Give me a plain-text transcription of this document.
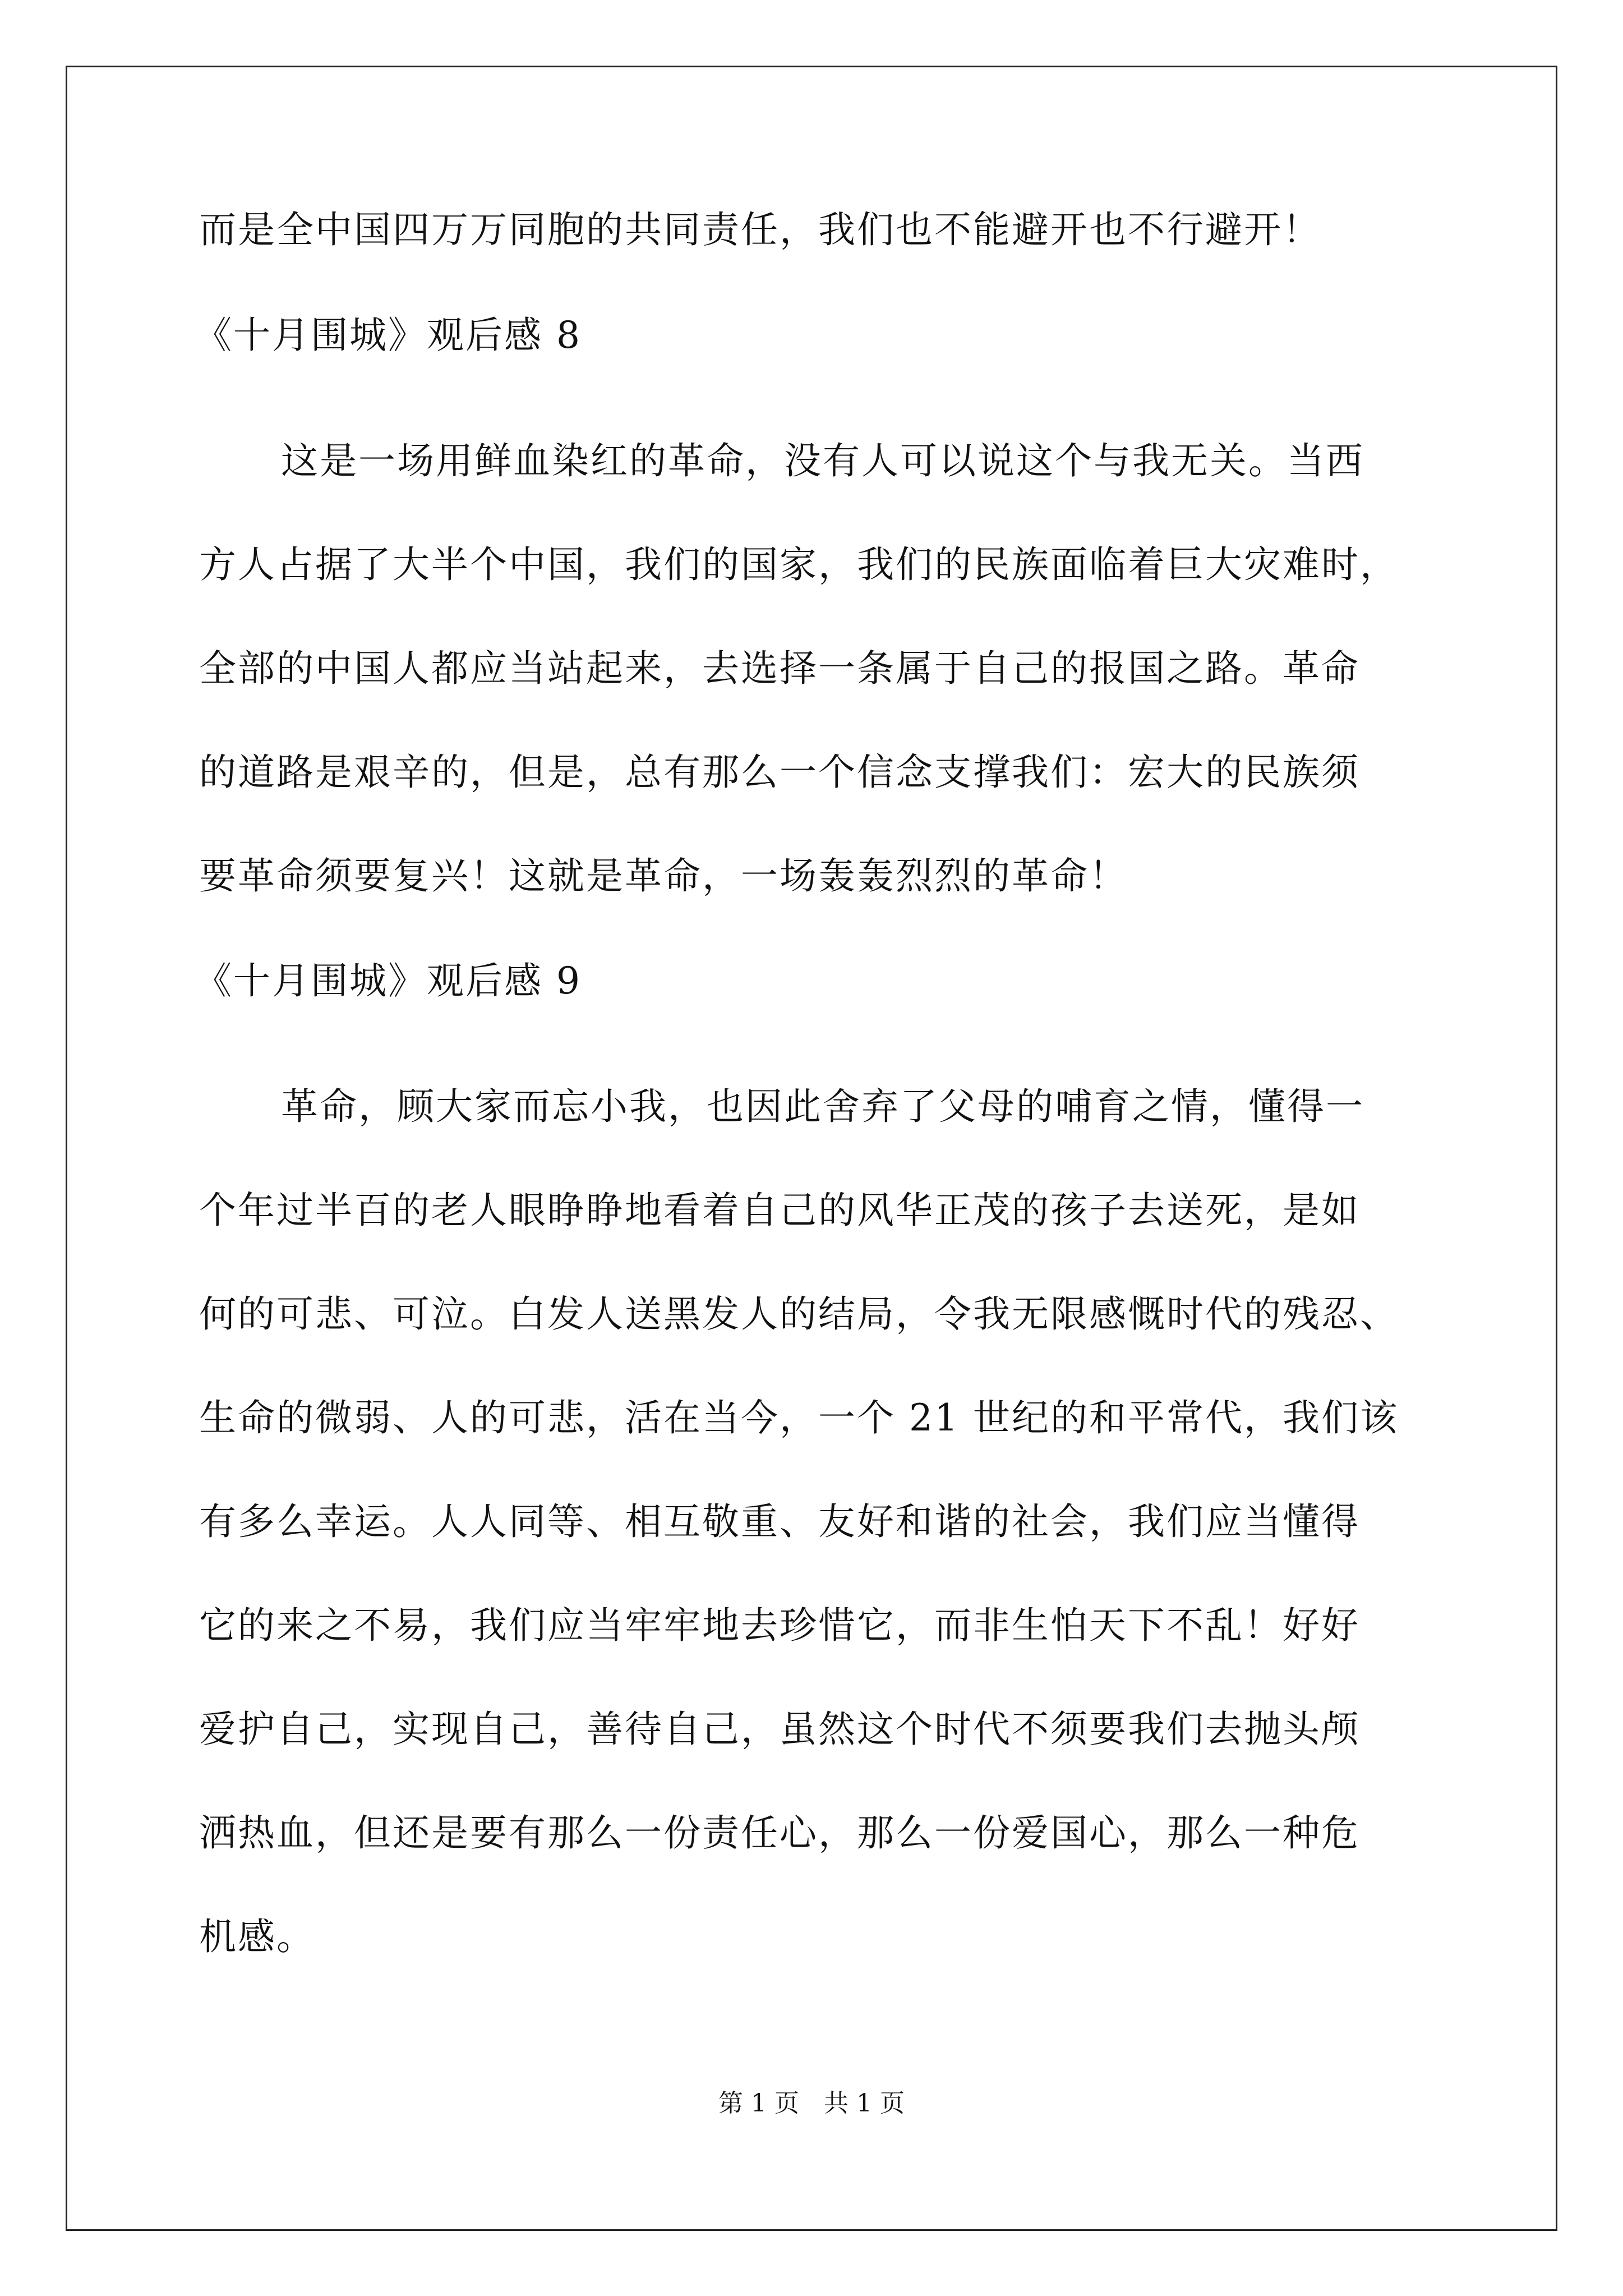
而是全中国四万万同胞的共同责任，我们也不能避开也不行避开！
《十月围城》观后感 8
这是一场用鲜血染红的革命，没有人可以说这个与我无关。当西
方人占据了大半个中国，我们的国家，我们的民族面临着巨大灾难时，
全部的中国人都应当站起来，去选择一条属于自己的报国之路。革命
的道路是艰辛的，但是，总有那么一个信念支撑我们：宏大的民族须
要革命须要复兴！这就是革命，一场轰轰烈烈的革命！
《十月围城》观后感 9
革命，顾大家而忘小我，也因此舍弃了父母的哺育之情，懂得一
个年过半百的老人眼睁睁地看着自己的风华正茂的孩子去送死，是如
何的可悲、可泣。白发人送黑发人的结局，令我无限感慨时代的残忍、
生命的微弱、人的可悲，活在当今，一个 21 世纪的和平常代，我们该
有多么幸运。人人同等、相互敬重、友好和谐的社会，我们应当懂得
它的来之不易，我们应当牢牢地去珍惜它，而非生怕天下不乱！好好
爱护自己，实现自己，善待自己，虽然这个时代不须要我们去抛头颅
洒热血，但还是要有那么一份责任心，那么一份爱国心，那么一种危
机感。
第 1 页　共 1 页
